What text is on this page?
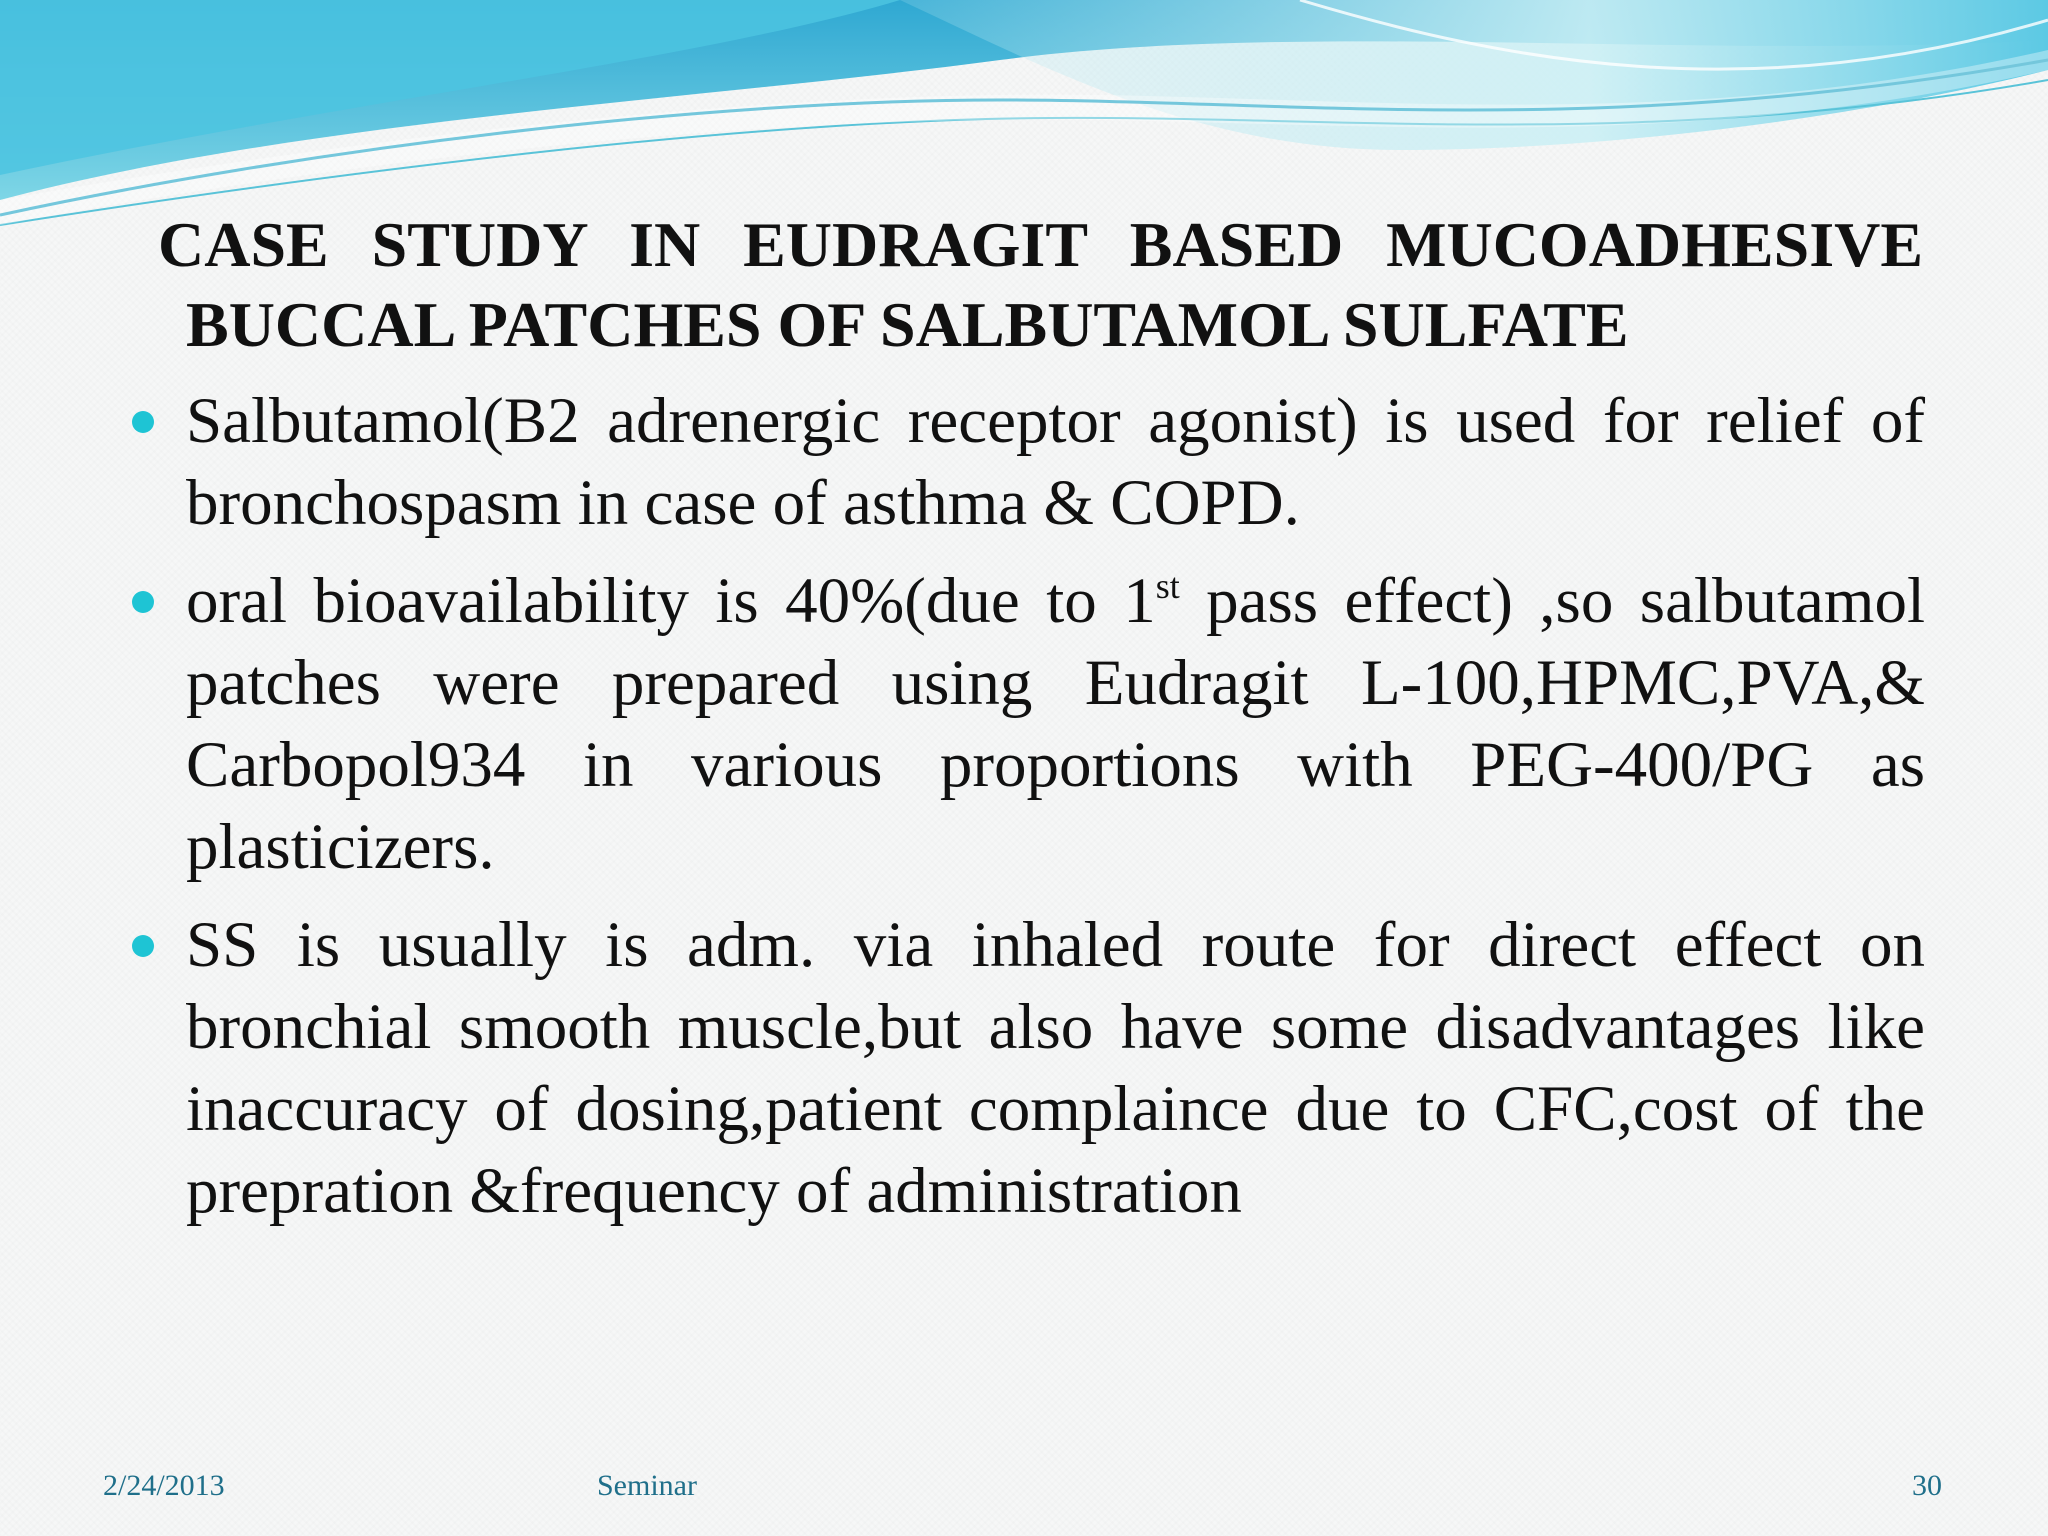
CASE STUDY IN EUDRAGIT BASED MUCOADHESIVE
BUCCAL PATCHES OF SALBUTAMOL SULFATE
Salbutamol(B2 adrenergic receptor agonist) is used for relief of bronchospasm in case of asthma & COPD.
oral bioavailability is 40%(due to 1st pass effect) ,so salbutamol patches were prepared using Eudragit L-100,HPMC,PVA,& Carbopol934 in various proportions with PEG-400/PG as plasticizers.
SS is usually is adm. via inhaled route for direct effect on bronchial smooth muscle,but also have some disadvantages like inaccuracy of dosing,patient complaince due to CFC,cost of the prepration &frequency of administration
2/24/2013	Seminar	30
